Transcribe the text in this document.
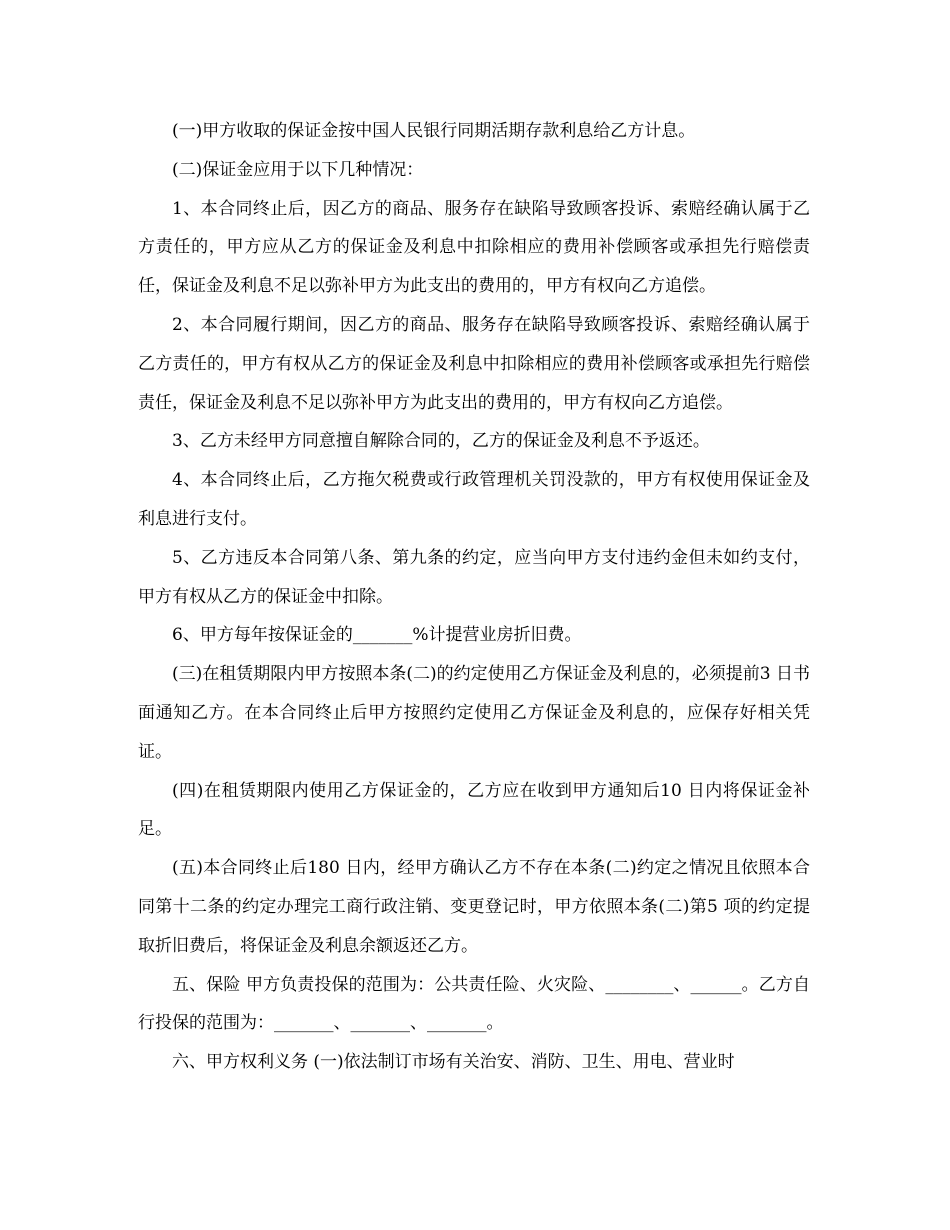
(一)甲方收取的保证金按中国人民银行同期活期存款利息给乙方计息。

(二)保证金应用于以下几种情况：

1、本合同终止后，因乙方的商品、服务存在缺陷导致顾客投诉、索赔经确认属于乙方责任的，甲方应从乙方的保证金及利息中扣除相应的费用补偿顾客或承担先行赔偿责任，保证金及利息不足以弥补甲方为此支出的费用的，甲方有权向乙方追偿。

2、本合同履行期间，因乙方的商品、服务存在缺陷导致顾客投诉、索赔经确认属于乙方责任的，甲方有权从乙方的保证金及利息中扣除相应的费用补偿顾客或承担先行赔偿责任，保证金及利息不足以弥补甲方为此支出的费用的，甲方有权向乙方追偿。

3、乙方未经甲方同意擅自解除合同的，乙方的保证金及利息不予返还。

4、本合同终止后，乙方拖欠税费或行政管理机关罚没款的，甲方有权使用保证金及利息进行支付。

5、乙方违反本合同第八条、第九条的约定，应当向甲方支付违约金但未如约支付，甲方有权从乙方的保证金中扣除。

6、甲方每年按保证金的_______%计提营业房折旧费。

(三)在租赁期限内甲方按照本条(二)的约定使用乙方保证金及利息的，必须提前3 日书面通知乙方。在本合同终止后甲方按照约定使用乙方保证金及利息的，应保存好相关凭证。

(四)在租赁期限内使用乙方保证金的，乙方应在收到甲方通知后10 日内将保证金补足。

(五)本合同终止后180 日内，经甲方确认乙方不存在本条(二)约定之情况且依照本合同第十二条的约定办理完工商行政注销、变更登记时，甲方依照本条(二)第5 项的约定提取折旧费后，将保证金及利息余额返还乙方。

五、保险 甲方负责投保的范围为：公共责任险、火灾险、________、______。乙方自行投保的范围为：_______、_______、_______。

六、甲方权利义务 (一)依法制订市场有关治安、消防、卫生、用电、营业时
